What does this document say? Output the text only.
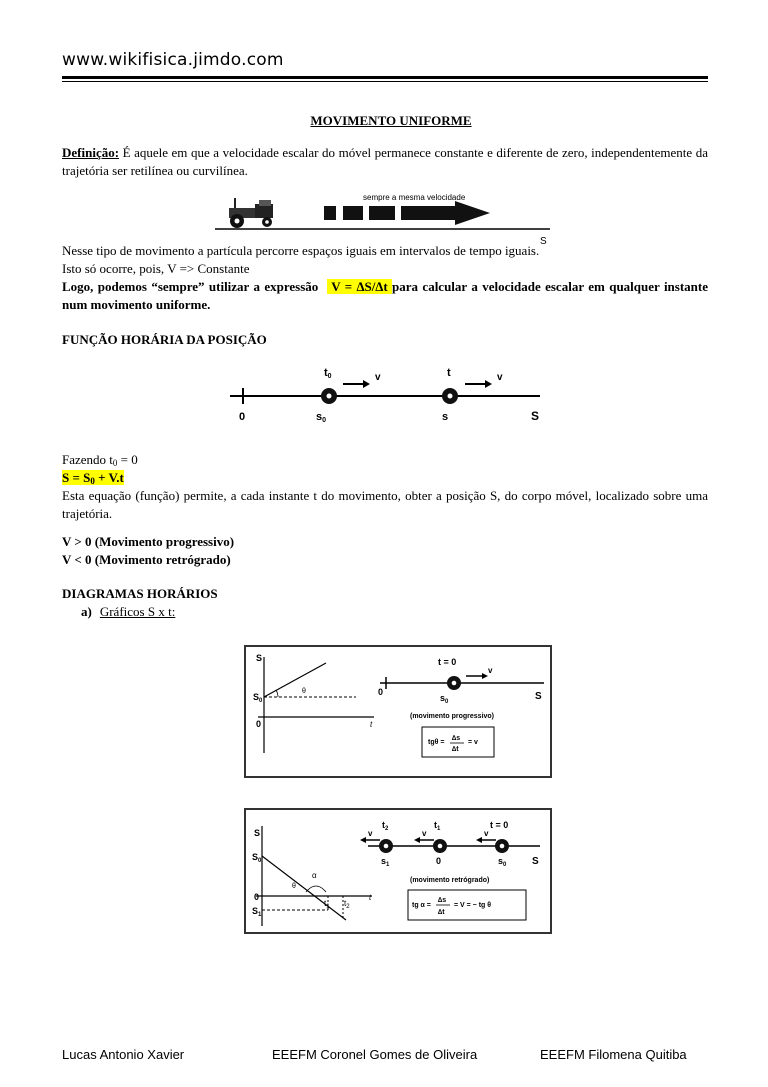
www.wikifisica.jimdo.com
MOVIMENTO UNIFORME
Definição: É aquele em que a velocidade escalar do móvel permanece constante e diferente de zero, independentemente da trajetória ser retilínea ou curvilínea.
sempre a mesma velocidade
S
Nesse tipo de movimento a partícula percorre espaços iguais em intervalos de tempo iguais.
Isto só ocorre, pois, V => Constante
Logo, podemos “sempre” utilizar a expressão   V = ∆S/∆t para calcular a velocidade escalar em qualquer instante num movimento uniforme.
FUNÇÃO HORÁRIA DA POSIÇÃO
0
t0	v
s0
t	v
s	S
Fazendo $t_0 = 0$
$S = S_0 + V.t$
Esta equação (função) permite, a cada instante t do movimento, obter a posição S, do corpo móvel, localizado sobre uma trajetória.
V > 0 (Movimento progressivo)
V < 0 (Movimento retrógrado)
DIAGRAMAS HORÁRIOS
a) Gráficos S x t:
S
$S_0$
0
θ
t
0
t = 0
v
$s_0$	S
(movimento progressivo)
tgθ =
∆s
∆t
= v
S
$S_0$
0
$S_1$
α
θ
$t_1$ $t_2$
t
v	v	v
$t_2$	$t_1$	t = 0
$s_1$	0	$s_0$	S
(movimento retrógrado)
tg α =
∆s
∆t
= V = − tg θ
Lucas Antonio Xavier	EEEFM Coronel Gomes de Oliveira	EEEFM Filomena Quitiba
